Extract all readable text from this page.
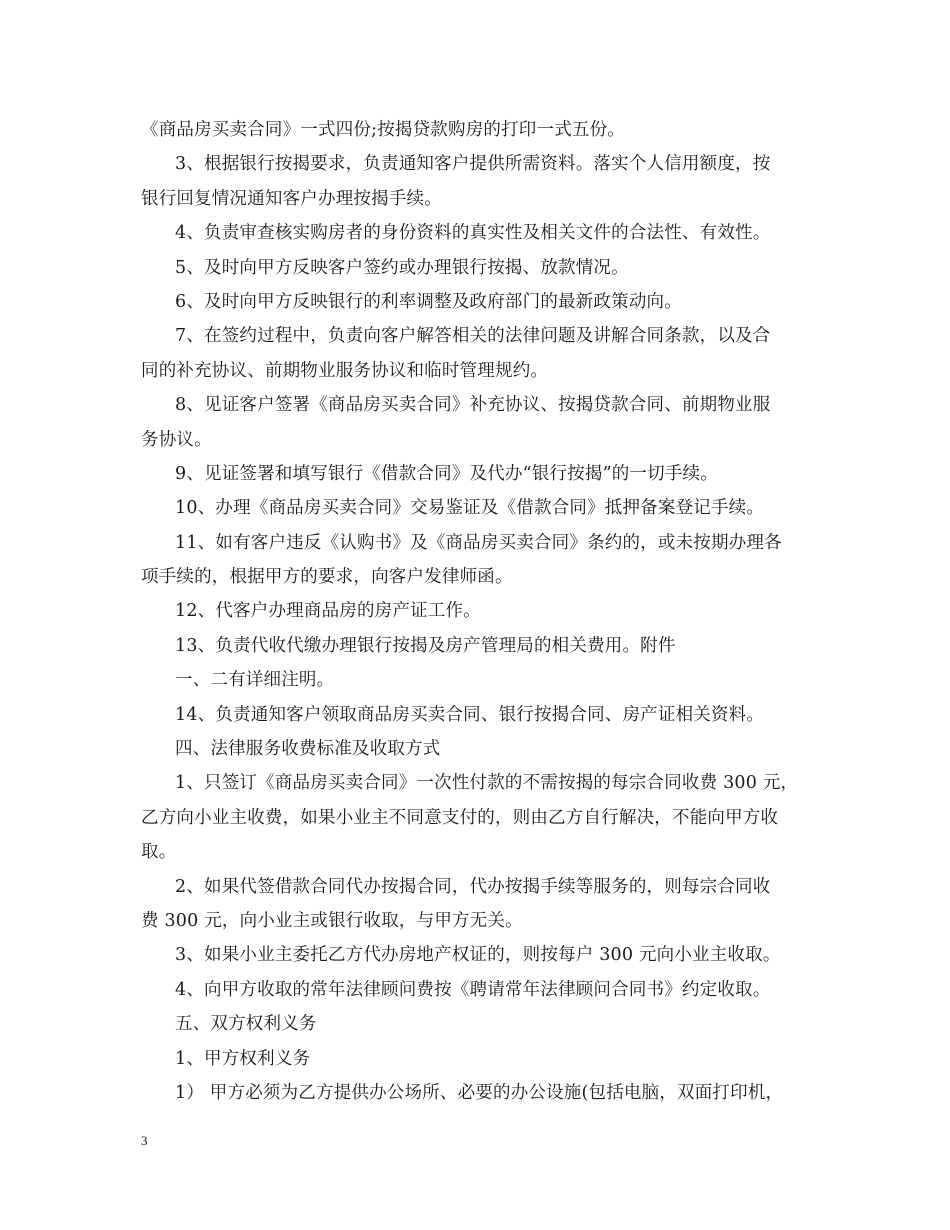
《商品房买卖合同》一式四份;按揭贷款购房的打印一式五份。
3、根据银行按揭要求，负责通知客户提供所需资料。落实个人信用额度，按
银行回复情况通知客户办理按揭手续。
4、负责审查核实购房者的身份资料的真实性及相关文件的合法性、有效性。
5、及时向甲方反映客户签约或办理银行按揭、放款情况。
6、及时向甲方反映银行的利率调整及政府部门的最新政策动向。
7、在签约过程中，负责向客户解答相关的法律问题及讲解合同条款，以及合
同的补充协议、前期物业服务协议和临时管理规约。
8、见证客户签署《商品房买卖合同》补充协议、按揭贷款合同、前期物业服
务协议。
9、见证签署和填写银行《借款合同》及代办“银行按揭”的一切手续。
10、办理《商品房买卖合同》交易鉴证及《借款合同》抵押备案登记手续。
11、如有客户违反《认购书》及《商品房买卖合同》条约的，或未按期办理各
项手续的，根据甲方的要求，向客户发律师函。
12、代客户办理商品房的房产证工作。
13、负责代收代缴办理银行按揭及房产管理局的相关费用。附件
一、二有详细注明。
14、负责通知客户领取商品房买卖合同、银行按揭合同、房产证相关资料。
四、法律服务收费标准及收取方式
1、只签订《商品房买卖合同》一次性付款的不需按揭的每宗合同收费 300 元，
乙方向小业主收费，如果小业主不同意支付的，则由乙方自行解决，不能向甲方收
取。
2、如果代签借款合同代办按揭合同，代办按揭手续等服务的，则每宗合同收
费 300 元，向小业主或银行收取，与甲方无关。
3、如果小业主委托乙方代办房地产权证的，则按每户 300 元向小业主收取。
4、向甲方收取的常年法律顾问费按《聘请常年法律顾问合同书》约定收取。
五、双方权利义务
1、甲方权利义务
1） 甲方必须为乙方提供办公场所、必要的办公设施(包括电脑，双面打印机，
3
